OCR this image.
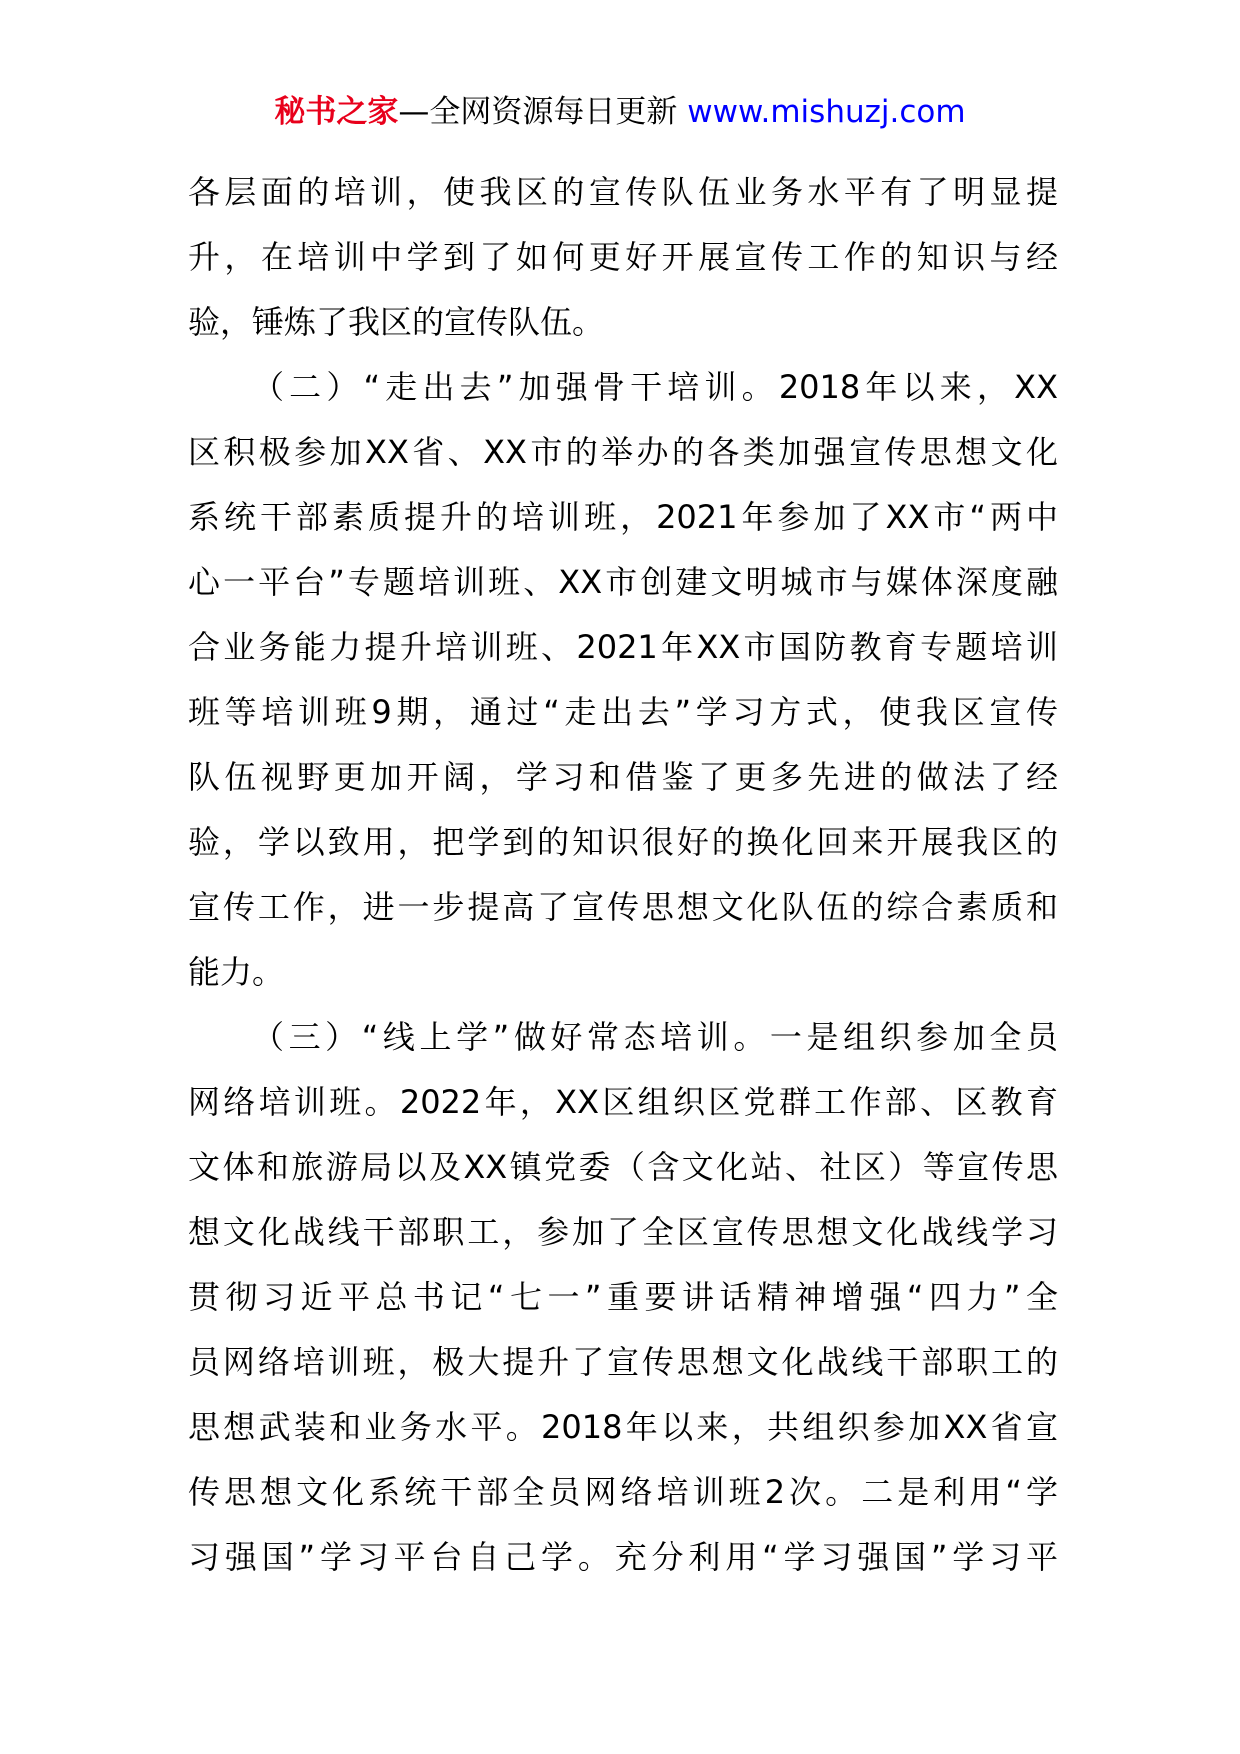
秘书之家—全网资源每日更新 www.mishuzj.com
各层面的培训，使我区的宣传队伍业务水平有了明显提
升，在培训中学到了如何更好开展宣传工作的知识与经
验，锤炼了我区的宣传队伍。
（二）“走出去”加强骨干培训。2018年以来，XX
区积极参加XX省、XX市的举办的各类加强宣传思想文化
系统干部素质提升的培训班，2021年参加了XX市“两中
心一平台”专题培训班、XX市创建文明城市与媒体深度融
合业务能力提升培训班、2021年XX市国防教育专题培训
班等培训班9期，通过“走出去”学习方式，使我区宣传
队伍视野更加开阔，学习和借鉴了更多先进的做法了经
验，学以致用，把学到的知识很好的换化回来开展我区的
宣传工作，进一步提高了宣传思想文化队伍的综合素质和
能力。
（三）“线上学”做好常态培训。一是组织参加全员
网络培训班。2022年，XX区组织区党群工作部、区教育
文体和旅游局以及XX镇党委（含文化站、社区）等宣传思
想文化战线干部职工，参加了全区宣传思想文化战线学习
贯彻习近平总书记“七一”重要讲话精神增强“四力”全
员网络培训班，极大提升了宣传思想文化战线干部职工的
思想武装和业务水平。2018年以来，共组织参加XX省宣
传思想文化系统干部全员网络培训班2次。二是利用“学
习强国”学习平台自己学。充分利用“学习强国”学习平
